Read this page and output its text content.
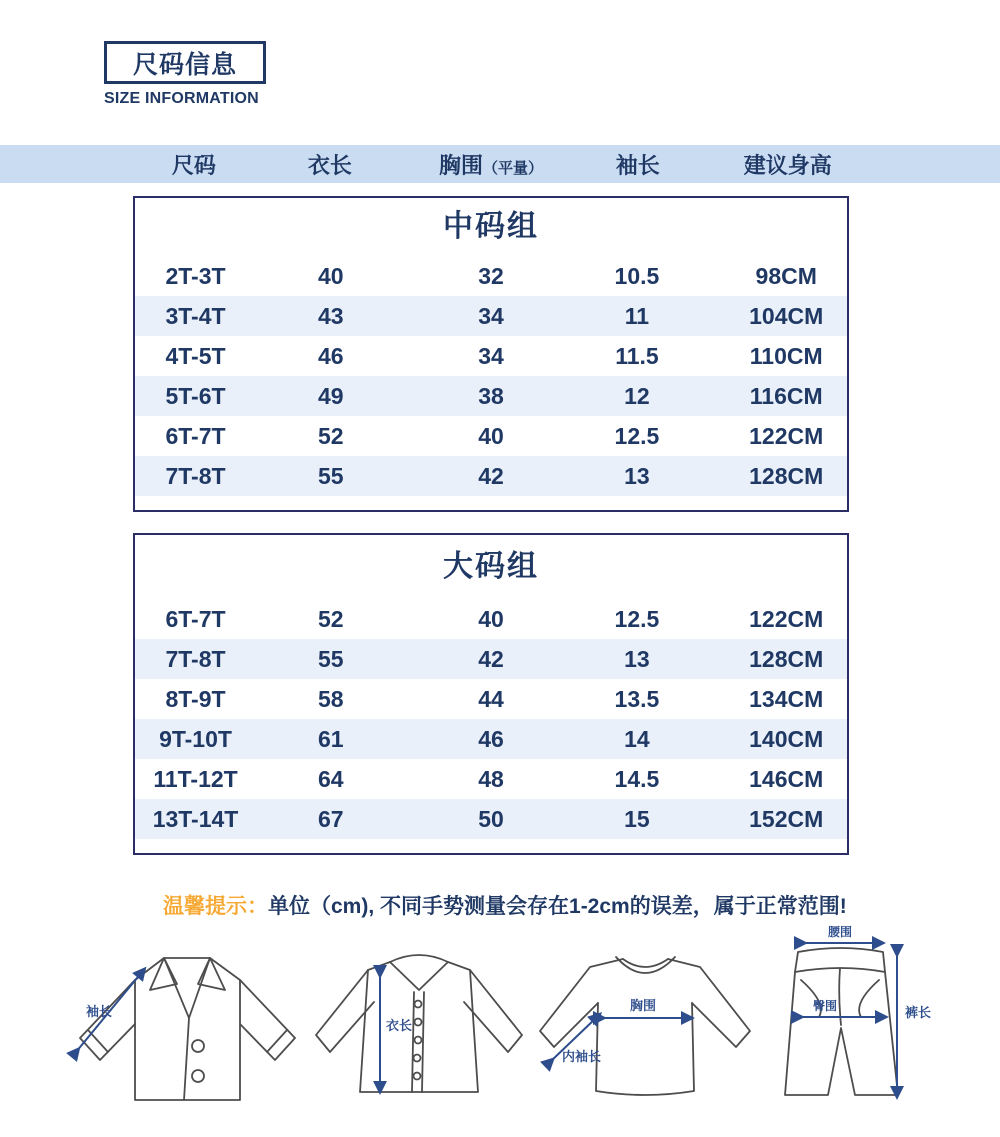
尺码信息
SIZE INFORMATION
尺码	衣长	胸围（平量）	袖长	建议身高
中码组
2T-3T	40	32	10.5	98CM
3T-4T	43	34	11	104CM
4T-5T	46	34	11.5	110CM
5T-6T	49	38	12	116CM
6T-7T	52	40	12.5	122CM
7T-8T	55	42	13	128CM
大码组
6T-7T	52	40	12.5	122CM
7T-8T	55	42	13	128CM
8T-9T	58	44	13.5	134CM
9T-10T	61	46	14	140CM
11T-12T	64	48	14.5	146CM
13T-14T	67	50	15	152CM
温馨提示：单位（cm), 不同手势测量会存在1-2cm的误差，属于正常范围!
袖长
衣长
胸围
内袖长
腰围
臀围	裤长
